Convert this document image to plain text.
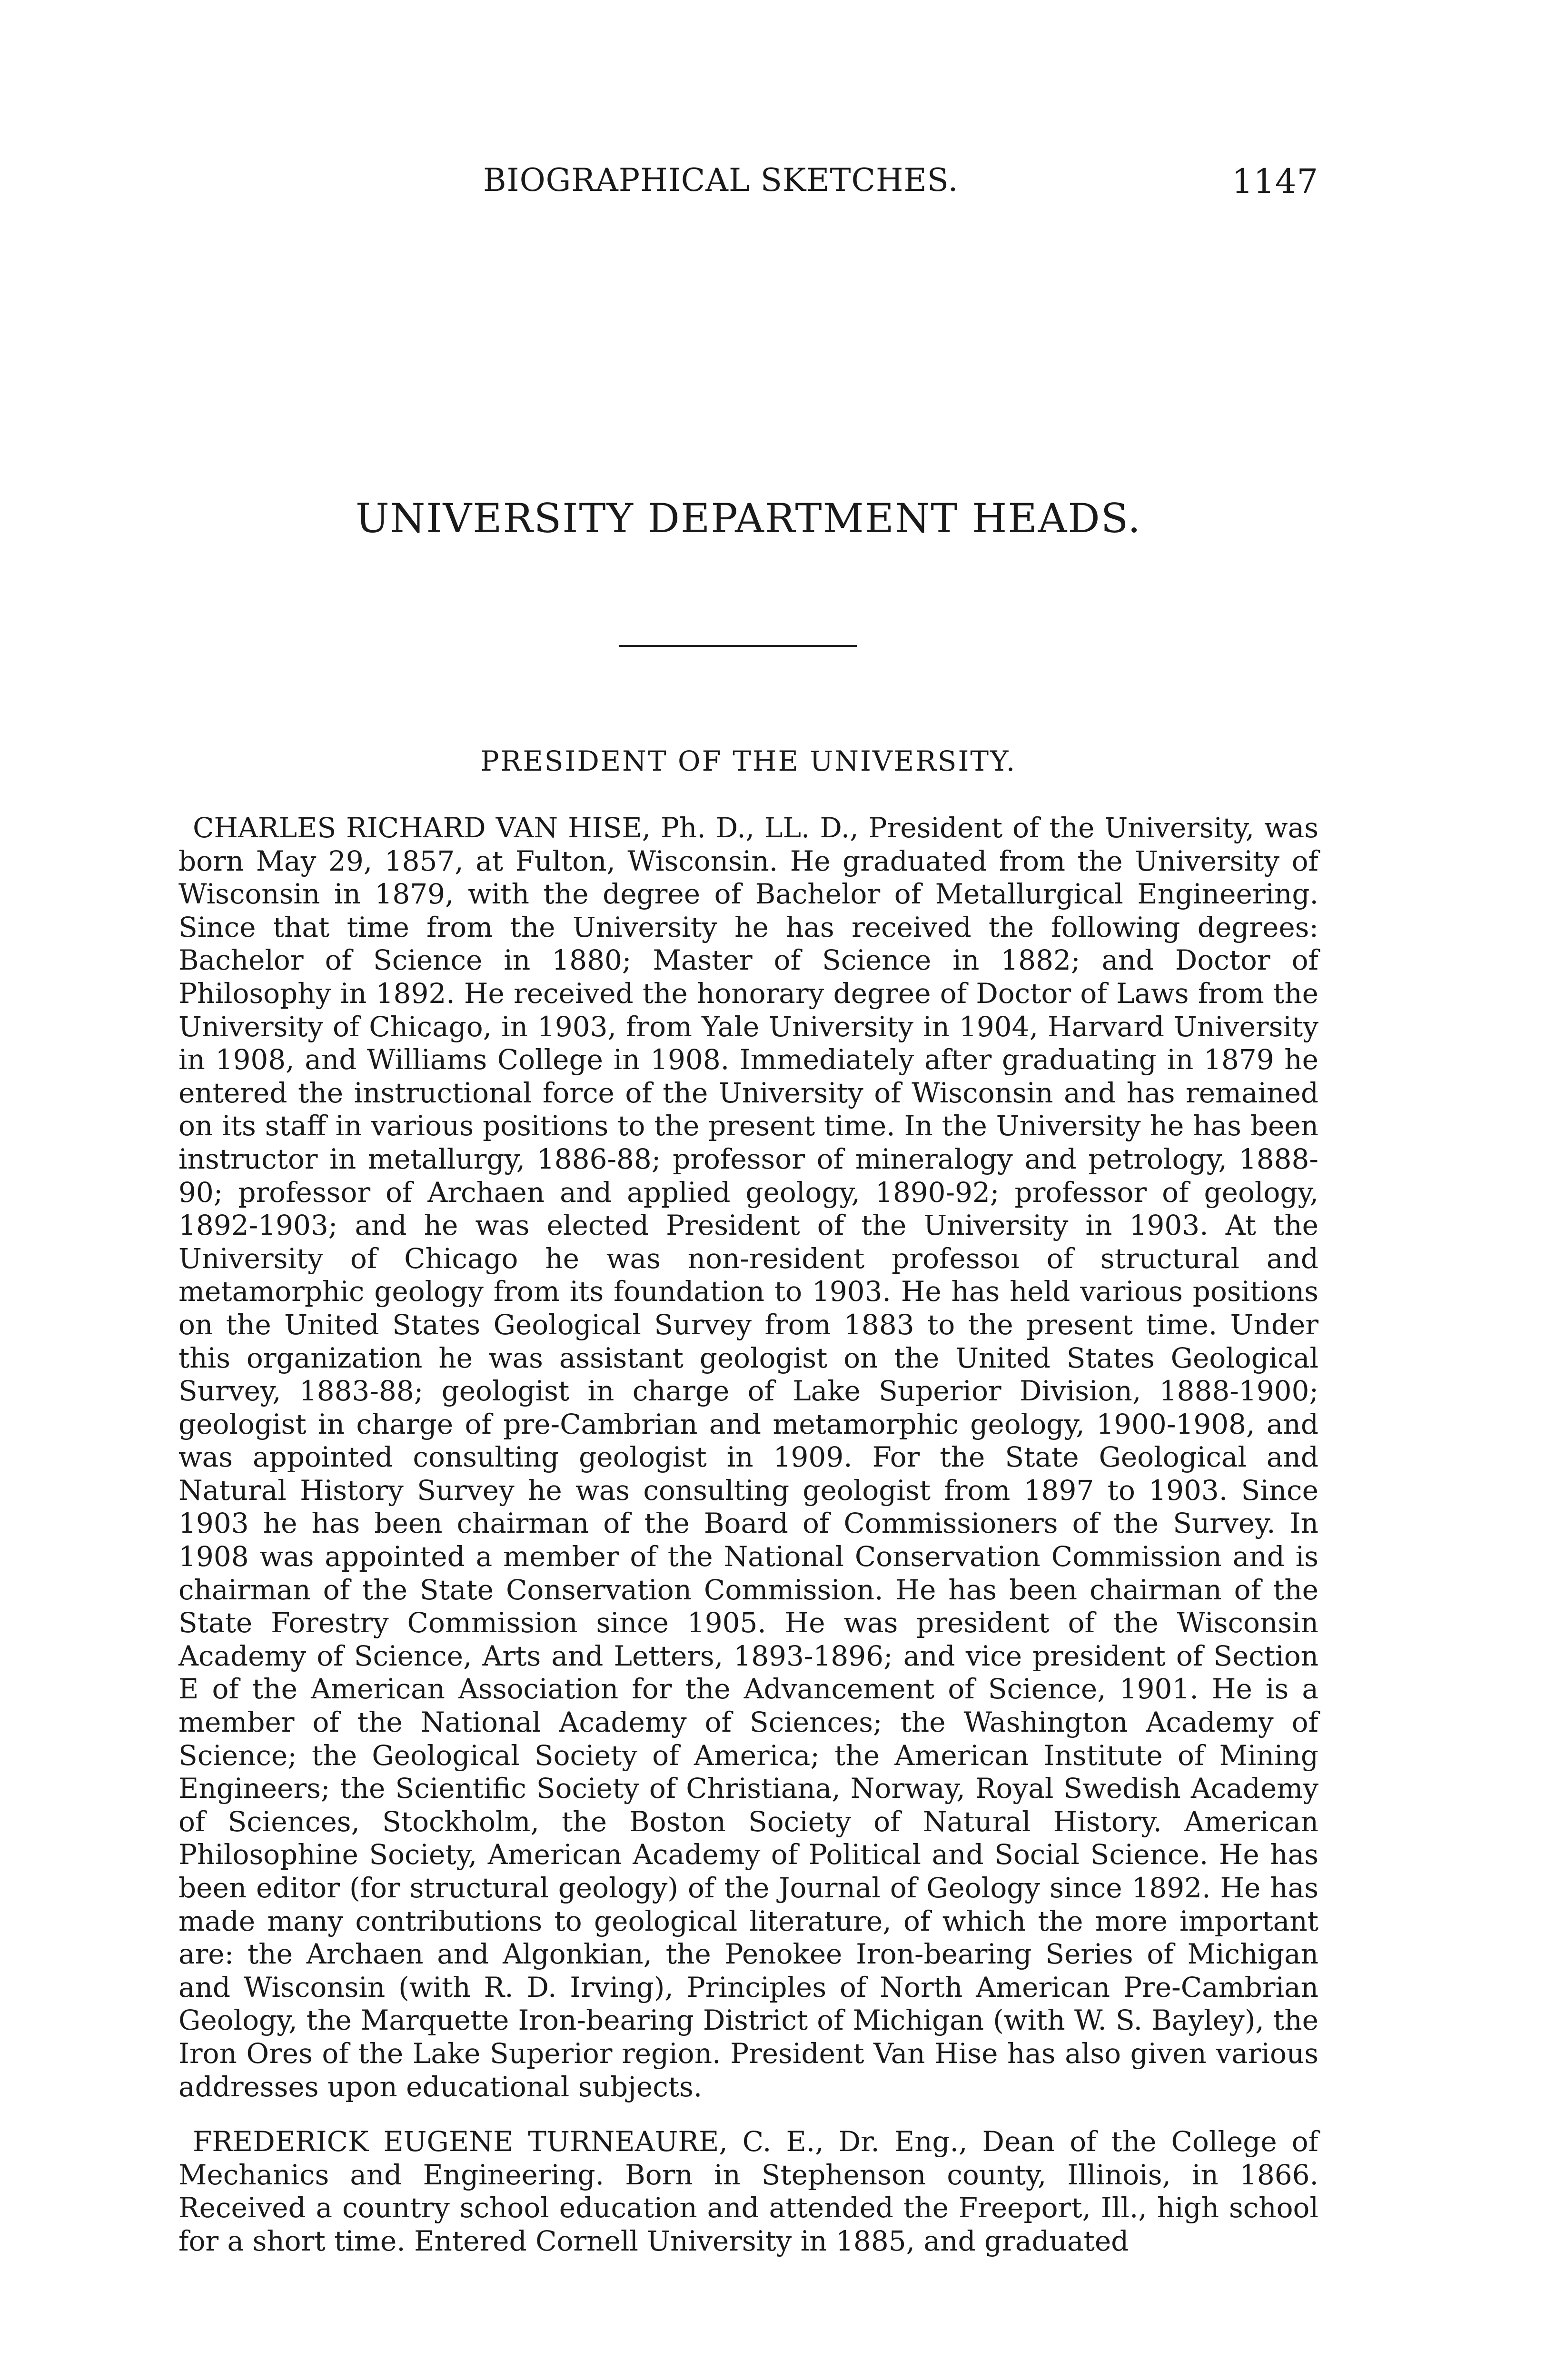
BIOGRAPHICAL SKETCHES.	1147
UNIVERSITY DEPARTMENT HEADS.
PRESIDENT OF THE UNIVERSITY.

CHARLES RICHARD VAN HISE, Ph. D., LL. D., President of the University, was born May 29, 1857, at Fulton, Wisconsin. He graduated from the University of Wisconsin in 1879, with the degree of Bachelor of Metallurgical Engineering. Since that time from the University he has received the following degrees: Bachelor of Science in 1880; Master of Science in 1882; and Doctor of Philosophy in 1892. He received the honorary degree of Doctor of Laws from the University of Chicago, in 1903, from Yale University in 1904, Harvard University in 1908, and Williams College in 1908. Immediately after graduating in 1879 he entered the instructional force of the University of Wisconsin and has remained on its staff in various positions to the present time. In the University he has been instructor in metallurgy, 1886-88; professor of mineralogy and petrology, 1888-90; professor of Archaen and applied geology, 1890-92; professor of geology, 1892-1903; and he was elected President of the University in 1903. At the University of Chicago he was non-resident professoı of structural and metamorphic geology from its foundation to 1903. He has held various positions on the United States Geological Survey from 1883 to the present time. Under this organization he was assistant geologist on the United States Geological Survey, 1883-88; geologist in charge of Lake Superior Division, 1888-1900; geologist in charge of pre-Cambrian and metamorphic geology, 1900-1908, and was appointed consulting geologist in 1909. For the State Geological and Natural History Survey he was consulting geologist from 1897 to 1903. Since 1903 he has been chairman of the Board of Commissioners of the Survey. In 1908 was appointed a member of the National Conservation Commission and is chairman of the State Conservation Commission. He has been chairman of the State Forestry Commission since 1905. He was president of the Wisconsin Academy of Science, Arts and Letters, 1893-1896; and vice president of Section E of the American Association for the Advancement of Science, 1901. He is a member of the National Academy of Sciences; the Washington Academy of Science; the Geological Society of America; the American Institute of Mining Engineers; the Scientific Society of Christiana, Norway, Royal Swedish Academy of Sciences, Stockholm, the Boston Society of Natural History. American Philosophine Society, American Academy of Political and Social Science. He has been editor (for structural geology) of the Journal of Geology since 1892. He has made many contributions to geological literature, of which the more important are: the Archaen and Algonkian, the Penokee Iron-bearing Series of Michigan and Wisconsin (with R. D. Irving), Principles of North American Pre-Cambrian Geology, the Marquette Iron-bearing District of Michigan (with W. S. Bayley), the Iron Ores of the Lake Superior region. President Van Hise has also given various addresses upon educational subjects.

FREDERICK EUGENE TURNEAURE, C. E., Dr. Eng., Dean of the College of Mechanics and Engineering. Born in Stephenson county, Illinois, in 1866. Received a country school education and attended the Freeport, Ill., high school for a short time. Entered Cornell University in 1885, and graduated
